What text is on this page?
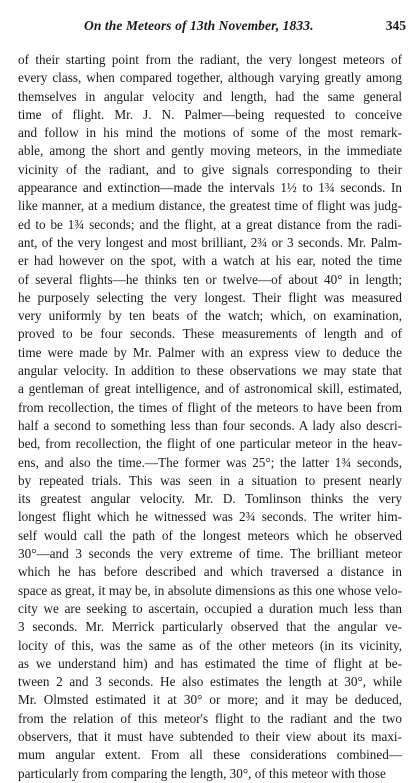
On the Meteors of 13th November, 1833.	345
of their starting point from the radiant, the very longest meteors of
every class, when compared together, although varying greatly among
themselves in angular velocity and length, had the same general
time of flight. Mr. J. N. Palmer—being requested to conceive
and follow in his mind the motions of some of the most remark-
able, among the short and gently moving meteors, in the immediate
vicinity of the radiant, and to give signals corresponding to their
appearance and extinction—made the intervals 1½ to 1¾ seconds. In
like manner, at a medium distance, the greatest time of flight was judg-
ed to be 1¾ seconds; and the flight, at a great distance from the radi-
ant, of the very longest and most brilliant, 2¾ or 3 seconds. Mr. Palm-
er had however on the spot, with a watch at his ear, noted the time
of several flights—he thinks ten or twelve—of about 40° in length;
he purposely selecting the very longest. Their flight was measured
very uniformly by ten beats of the watch; which, on examination,
proved to be four seconds. These measurements of length and of
time were made by Mr. Palmer with an express view to deduce the
angular velocity. In addition to these observations we may state that
a gentleman of great intelligence, and of astronomical skill, estimated,
from recollection, the times of flight of the meteors to have been from
half a second to something less than four seconds. A lady also descri-
bed, from recollection, the flight of one particular meteor in the heav-
ens, and also the time.—The former was 25°; the latter 1¾ seconds,
by repeated trials. This was seen in a situation to present nearly
its greatest angular velocity. Mr. D. Tomlinson thinks the very
longest flight which he witnessed was 2¾ seconds. The writer him-
self would call the path of the longest meteors which he observed
30°—and 3 seconds the very extreme of time. The brilliant meteor
which he has before described and which traversed a distance in
space as great, it may be, in absolute dimensions as this one whose velo-
city we are seeking to ascertain, occupied a duration much less than
3 seconds. Mr. Merrick particularly observed that the angular ve-
locity of this, was the same as of the other meteors (in its vicinity,
as we understand him) and has estimated the time of flight at be-
tween 2 and 3 seconds. He also estimates the length at 30°, while
Mr. Olmsted estimated it at 30° or more; and it may be deduced,
from the relation of this meteor's flight to the radiant and the two
observers, that it must have subtended to their view about its maxi-
mum angular extent. From all these considerations combined—
particularly from comparing the length, 30°, of this meteor with those
